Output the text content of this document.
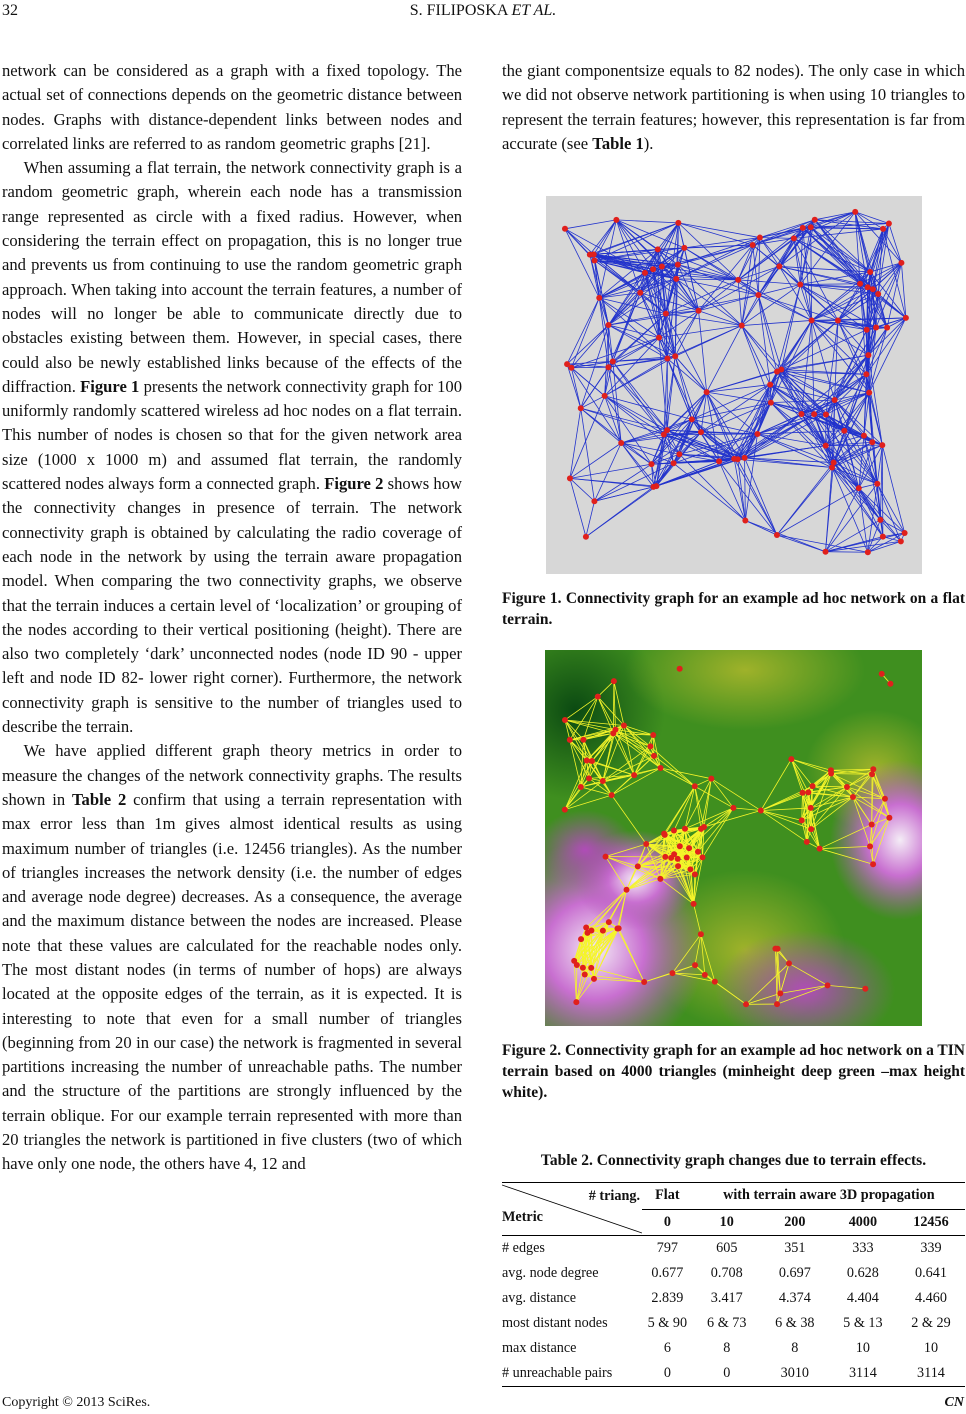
32	S. FILIPOSKA ET AL.

network can be considered as a graph with a fixed topology. The actual set of connections depends on the geometric distance between nodes. Graphs with distance-dependent links between nodes and correlated links are referred to as random geometric graphs [21].

When assuming a flat terrain, the network connectivity graph is a random geometric graph, wherein each node has a transmission range represented as circle with a fixed radius. However, when considering the terrain effect on propagation, this is no longer true and prevents us from continuing to use the random geometric graph approach. When taking into account the terrain features, a number of nodes will no longer be able to communicate directly due to obstacles existing between them. However, in special cases, there could also be newly established links because of the effects of the diffraction. Figure 1 presents the network connectivity graph for 100 uniformly randomly scattered wireless ad hoc nodes on a flat terrain. This number of nodes is chosen so that for the given network area size (1000 x 1000 m) and assumed flat terrain, the randomly scattered nodes always form a connected graph. Figure 2 shows how the connectivity changes in presence of terrain. The network connectivity graph is obtained by calculating the radio coverage of each node in the network by using the terrain aware propagation model. When comparing the two connectivity graphs, we observe that the terrain induces a certain level of ‘localization’ or grouping of the nodes according to their vertical positioning (height). There are also two completely ‘dark’ unconnected nodes (node ID 90 - upper left and node ID 82- lower right corner). Furthermore, the network connectivity graph is sensitive to the number of triangles used to describe the terrain.

We have applied different graph theory metrics in order to measure the changes of the network connectivity graphs. The results shown in Table 2 confirm that using a terrain representation with max error less than 1m gives almost identical results as using maximum number of triangles (i.e. 12456 triangles). As the number of triangles increases the network density (i.e. the number of edges and average node degree) decreases. As a consequence, the average and the maximum distance between the nodes are increased. Please note that these values are calculated for the reachable nodes only. The most distant nodes (in terms of number of hops) are always located at the opposite edges of the terrain, as it is expected. It is interesting to note that even for a small number of triangles (beginning from 20 in our case) the network is fragmented in several partitions increasing the number of unreachable paths. The number and the structure of the partitions are strongly influenced by the terrain oblique. For our example terrain represented with more than 20 triangles the network is partitioned in five clusters (two of which have only one node, the others have 4, 12 and

the giant componentsize equals to 82 nodes). The only case in which we did not observe network partitioning is when using 10 triangles to represent the terrain features; however, this representation is far from accurate (see Table 1).

Figure 1. Connectivity graph for an example ad hoc network on a flat terrain.
Figure 2. Connectivity graph for an example ad hoc network on a TIN terrain based on 4000 triangles (minheight deep green –max height white).
Table 2. Connectivity graph changes due to terrain effects.
# triang.
Metric	Flat	with terrain aware 3D propagation			
	0	10	200	4000	12456
# edges	797	605	351	333	339
avg. node degree	0.677	0.708	0.697	0.628	0.641
avg. distance	2.839	3.417	4.374	4.404	4.460
most distant nodes	5 & 90	6 & 73	6 & 38	5 & 13	2 & 29
max distance	6	8	8	10	10
# unreachable pairs	0	0	3010	3114	3114
Copyright © 2013 SciRes.	CN
